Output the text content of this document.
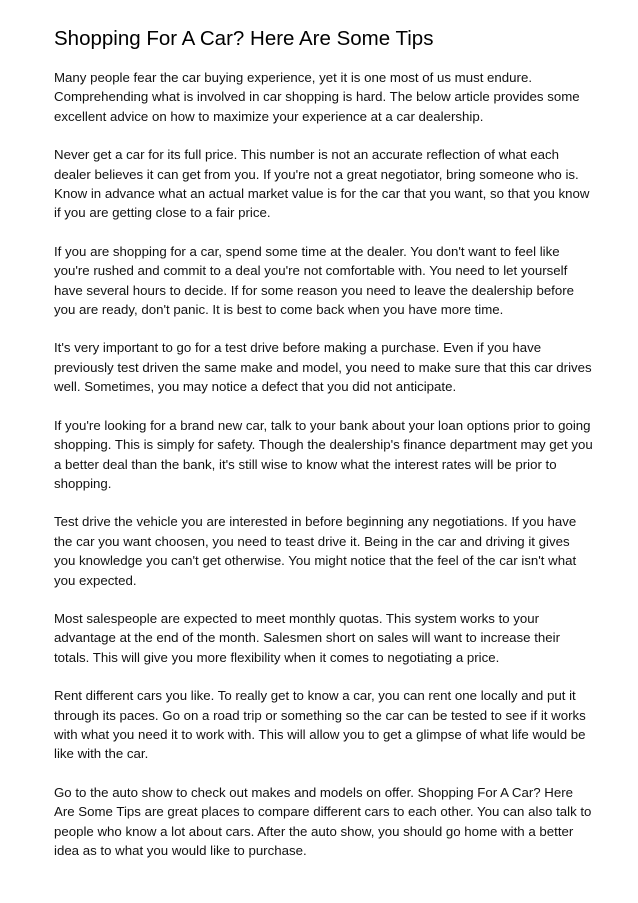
Shopping For A Car? Here Are Some Tips

Many people fear the car buying experience, yet it is one most of us must endure. Comprehending what is involved in car shopping is hard. The below article provides some excellent advice on how to maximize your experience at a car dealership.

Never get a car for its full price. This number is not an accurate reflection of what each dealer believes it can get from you. If you're not a great negotiator, bring someone who is. Know in advance what an actual market value is for the car that you want, so that you know if you are getting close to a fair price.

If you are shopping for a car, spend some time at the dealer. You don't want to feel like you're rushed and commit to a deal you're not comfortable with. You need to let yourself have several hours to decide. If for some reason you need to leave the dealership before you are ready, don't panic. It is best to come back when you have more time.

It's very important to go for a test drive before making a purchase. Even if you have previously test driven the same make and model, you need to make sure that this car drives well. Sometimes, you may notice a defect that you did not anticipate.

If you're looking for a brand new car, talk to your bank about your loan options prior to going shopping. This is simply for safety. Though the dealership's finance department may get you a better deal than the bank, it's still wise to know what the interest rates will be prior to shopping.

Test drive the vehicle you are interested in before beginning any negotiations. If you have the car you want choosen, you need to teast drive it. Being in the car and driving it gives you knowledge you can't get otherwise. You might notice that the feel of the car isn't what you expected.

Most salespeople are expected to meet monthly quotas. This system works to your advantage at the end of the month. Salesmen short on sales will want to increase their totals. This will give you more flexibility when it comes to negotiating a price.

Rent different cars you like. To really get to know a car, you can rent one locally and put it through its paces. Go on a road trip or something so the car can be tested to see if it works with what you need it to work with. This will allow you to get a glimpse of what life would be like with the car.

Go to the auto show to check out makes and models on offer. Shopping For A Car? Here Are Some Tips are great places to compare different cars to each other. You can also talk to people who know a lot about cars. After the auto show, you should go home with a better idea as to what you would like to purchase.
